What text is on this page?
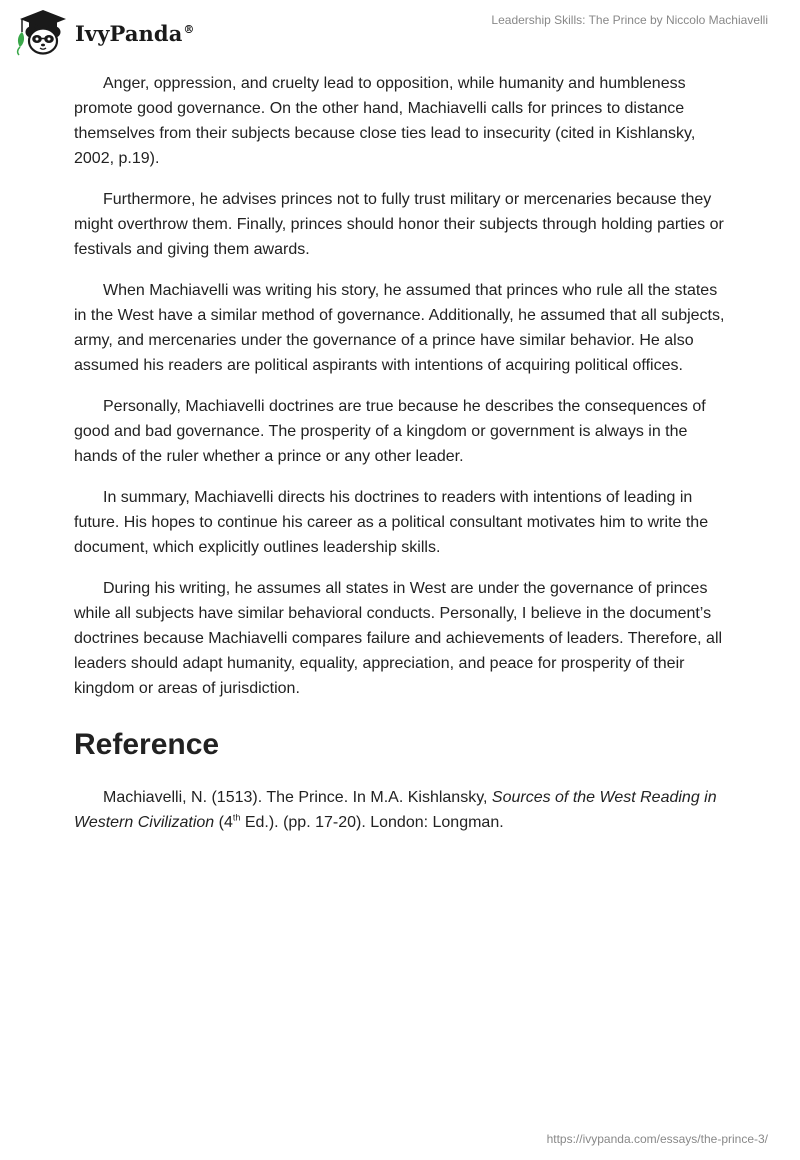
IvyPanda®
Leadership Skills: The Prince by Niccolo Machiavelli

Anger, oppression, and cruelty lead to opposition, while humanity and humbleness promote good governance. On the other hand, Machiavelli calls for princes to distance themselves from their subjects because close ties lead to insecurity (cited in Kishlansky, 2002, p.19).

Furthermore, he advises princes not to fully trust military or mercenaries because they might overthrow them. Finally, princes should honor their subjects through holding parties or festivals and giving them awards.

When Machiavelli was writing his story, he assumed that princes who rule all the states in the West have a similar method of governance. Additionally, he assumed that all subjects, army, and mercenaries under the governance of a prince have similar behavior. He also assumed his readers are political aspirants with intentions of acquiring political offices.

Personally, Machiavelli doctrines are true because he describes the consequences of good and bad governance. The prosperity of a kingdom or government is always in the hands of the ruler whether a prince or any other leader.

In summary, Machiavelli directs his doctrines to readers with intentions of leading in future. His hopes to continue his career as a political consultant motivates him to write the document, which explicitly outlines leadership skills.

During his writing, he assumes all states in West are under the governance of princes while all subjects have similar behavioral conducts. Personally, I believe in the document’s doctrines because Machiavelli compares failure and achievements of leaders. Therefore, all leaders should adapt humanity, equality, appreciation, and peace for prosperity of their kingdom or areas of jurisdiction.

Reference

Machiavelli, N. (1513). The Prince. In M.A. Kishlansky, Sources of the West Reading in Western Civilization (4th Ed.). (pp. 17-20). London: Longman.

https://ivypanda.com/essays/the-prince-3/
